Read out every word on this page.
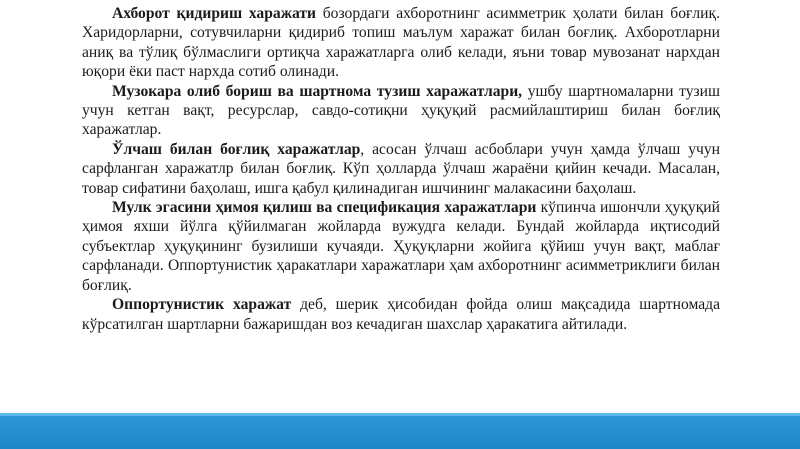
Ахборот қидириш харажати бозордаги ахборотнинг асимметрик ҳолати билан боғлиқ. Харидорларни, сотувчиларни қидириб топиш маълум харажат билан боғлиқ. Ахборотларни аниқ ва тўлиқ бўлмаслиги ортиқча харажатларга олиб келади, яъни товар мувозанат нархдан юқори ёки паст нархда сотиб олинади.

Музокара олиб бориш ва шартнома тузиш харажатлари, ушбу шартномаларни тузиш учун кетган вақт, ресурслар, савдо-сотиқни ҳуқуқий расмийлаштириш билан боғлиқ харажатлар.

Ўлчаш билан боғлиқ харажатлар, асосан ўлчаш асбоблари учун ҳамда ўлчаш учун сарфланган харажатлр билан боғлиқ. Кўп ҳолларда ўлчаш жараёни қийин кечади. Масалан, товар сифатини баҳолаш, ишга қабул қилинадиган ишчининг малакасини баҳолаш.

Мулк эгасини ҳимоя қилиш ва спецификация харажатлари кўпинча ишончли ҳуқуқий ҳимоя яхши йўлга қўйилмаган жойларда вужудга келади. Бундай жойларда иқтисодий субъектлар ҳуқуқининг бузилиши кучаяди. Ҳуқуқларни жойига қўйиш учун вақт, маблағ сарфланади. Оппортунистик ҳаракатлари харажатлари ҳам ахборотнинг асимметриклиги билан боғлиқ.

Оппортунистик харажат деб, шерик ҳисобидан фойда олиш мақсадида шартномада кўрсатилган шартларни бажаришдан воз кечадиган шахслар ҳаракатига айтилади.
